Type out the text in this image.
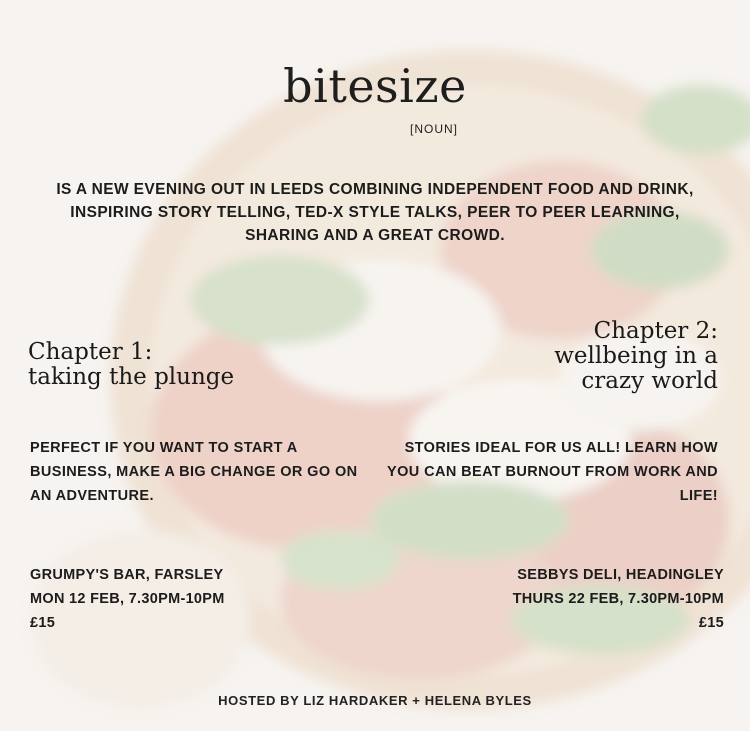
bitesize
[NOUN]
IS A NEW EVENING OUT IN LEEDS COMBINING INDEPENDENT FOOD AND DRINK, INSPIRING STORY TELLING, TED-X STYLE TALKS, PEER TO PEER LEARNING, SHARING AND A GREAT CROWD.
Chapter 1:
taking the plunge
Chapter 2:
wellbeing in a
crazy world
PERFECT IF YOU WANT TO START A BUSINESS, MAKE A BIG CHANGE OR GO ON AN ADVENTURE.
STORIES IDEAL FOR US ALL! LEARN HOW YOU CAN BEAT BURNOUT FROM WORK AND LIFE!
GRUMPY'S BAR, FARSLEY
MON 12 FEB, 7.30PM-10PM
£15
SEBBYS DELI, HEADINGLEY
THURS 22 FEB, 7.30PM-10PM
£15
HOSTED BY LIZ HARDAKER + HELENA BYLES
